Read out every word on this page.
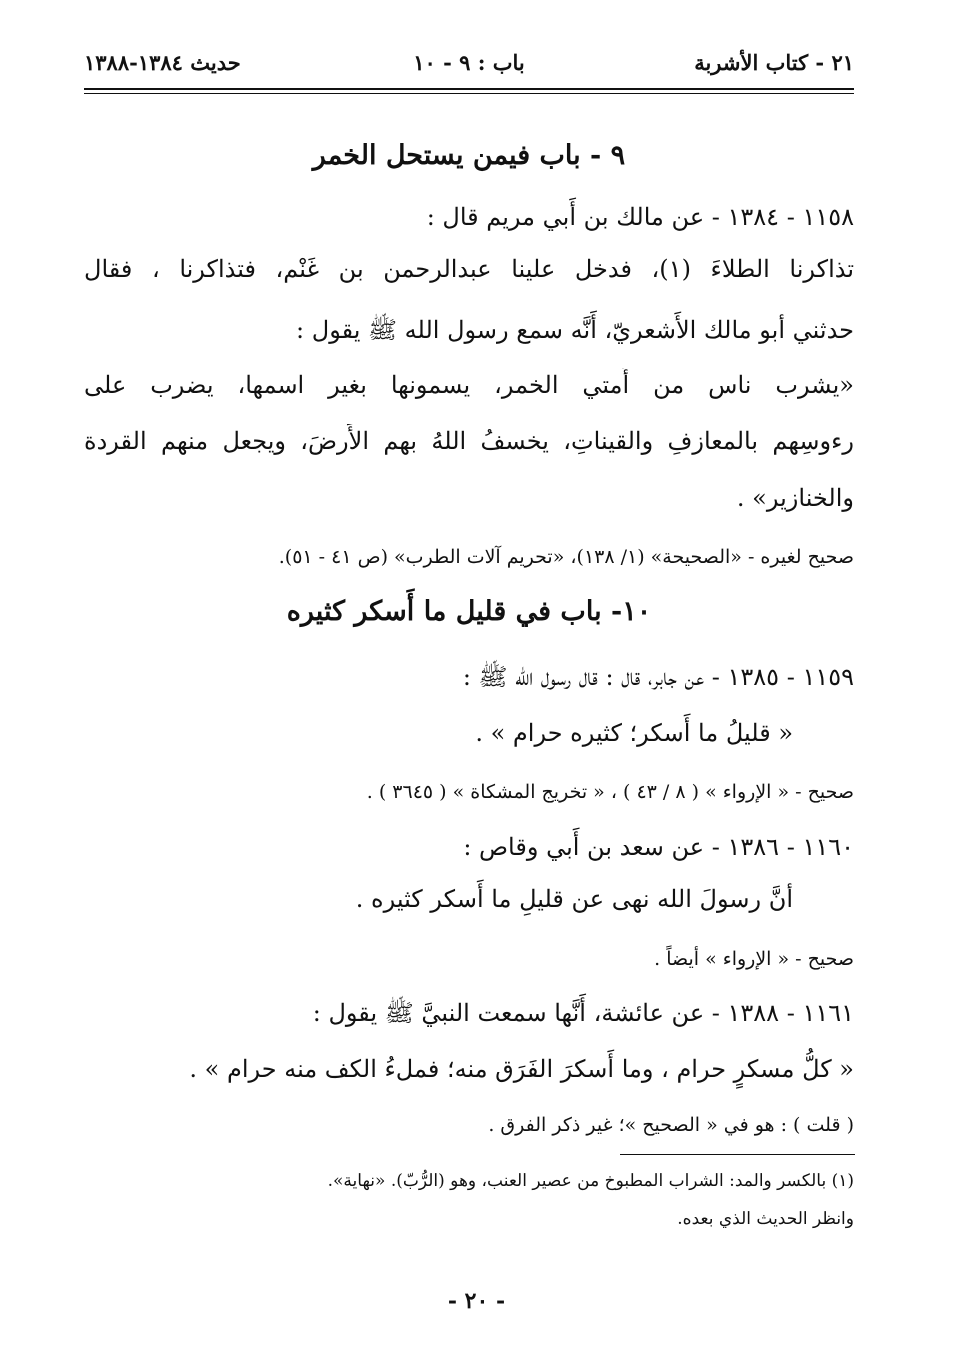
٢١ - كتاب الأشربة
باب : ٩ - ١٠
حديث ١٣٨٤-١٣٨٨
٩ - باب فيمن يستحل الخمر
١١٥٨ - ١٣٨٤ - عن مالك بن أَبي مريم قال :
تذاكرنا الطلاءَ (١)، فدخل علينا عبدالرحمن بن غَنْم، فتذاكرنا ، فقال
حدثني أبو مالك الأَشعريّ، أَنَّه سمع رسول الله ﷺ يقول :
«يشرب ناس من أُمتي الخمر، يسمونها بغير اسمها، يضرب على
رءوسِهم بالمعازفِ والقيناتِ، يخسفُ اللهُ بهم الأَرضَ، ويجعل منهم القردة
والخنازير» .
صحيح لغيره - «الصحيحة» (١/ ١٣٨)، «تحريم آلات الطرب» (ص ٤١ - ٥١).
١٠- باب في قليل ما أَسكر كثيره
١١٥٩ - ١٣٨٥ - عن جابر، قال : قال رسول الله ﷺ :
« قليلُ ما أَسكر؛ كثيره حرام » .
صحيح - « الإرواء » ( ٨ / ٤٣ ) ، « تخريج المشكاة » ( ٣٦٤٥ ) .
١١٦٠ - ١٣٨٦ - عن سعد بن أَبي وقاص :
أنَّ رسولَ الله نهى عن قليلِ ما أَسكر كثيره .
صحيح - « الإرواء » أيضاً .
١١٦١ - ١٣٨٨ - عن عائشة، أَنَّها سمعت النبيَّ ﷺ يقول :
« كلُّ مسكرٍ حرام ، وما أَسكرَ الفَرَق منه؛ فملءُ الكف منه حرام » .
( قلت ) : هو في « الصحيح »؛ غير ذكر الفرق .
(١) بالكسر والمد: الشراب المطبوخ من عصير العنب، وهو (الرُّبّ). «نهاية».
وانظر الحديث الذي بعده.
- ٢٠ -
